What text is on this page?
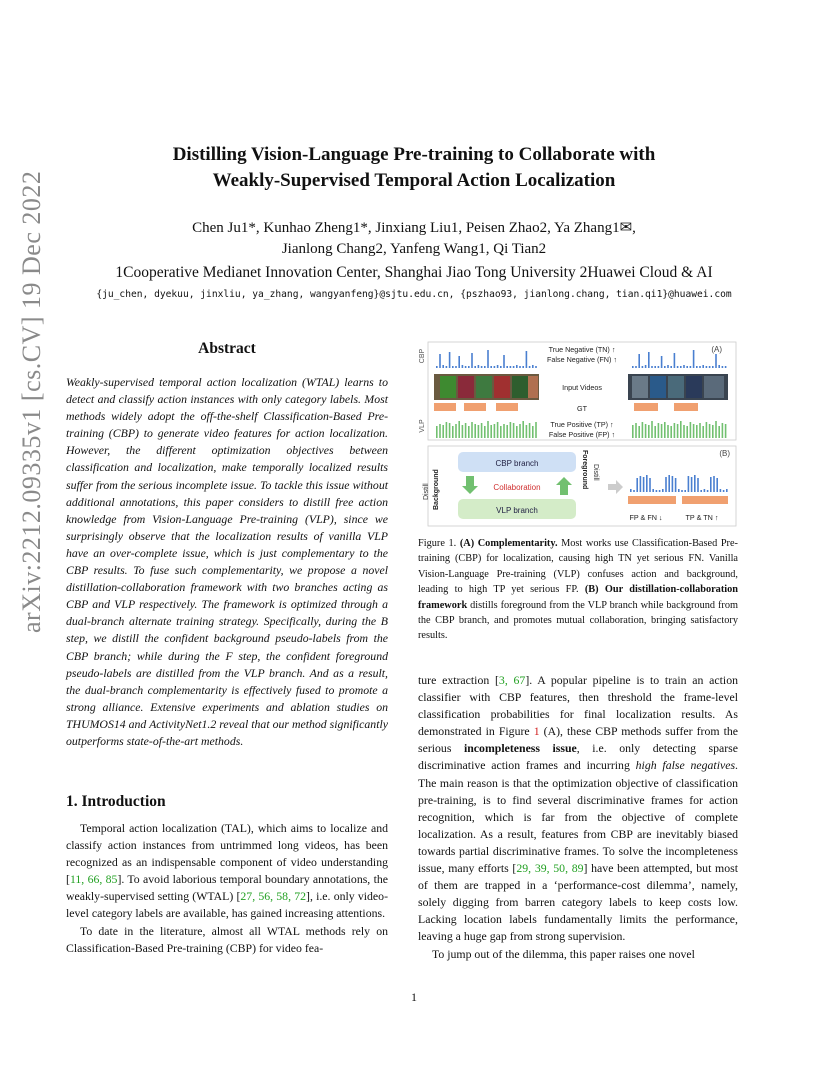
Distilling Vision-Language Pre-training to Collaborate with
Weakly-Supervised Temporal Action Localization
Chen Ju1*, Kunhao Zheng1*, Jinxiang Liu1, Peisen Zhao2, Ya Zhang1✉,
Jianlong Chang2, Yanfeng Wang1, Qi Tian2
1Cooperative Medianet Innovation Center, Shanghai Jiao Tong University 2Huawei Cloud & AI
{ju_chen, dyekuu, jinxliu, ya_zhang, wangyanfeng}@sjtu.edu.cn, {pszhao93, jianlong.chang, tian.qi1}@huawei.com
arXiv:2212.09335v1 [cs.CV] 19 Dec 2022	Abstract
Weakly-supervised temporal action localization (WTAL) learns to detect and classify action instances with only category labels. Most methods widely adopt the off-the-shelf Classification-Based Pre-training (CBP) to generate video features for action localization. However, the different optimization objectives between classification and localization, make temporally localized results suffer from the serious incomplete issue. To tackle this issue without additional annotations, this paper considers to distill free action knowledge from Vision-Language Pre-training (VLP), since we surprisingly observe that the localization results of vanilla VLP have an over-complete issue, which is just complementary to the CBP results. To fuse such complementarity, we propose a novel distillation-collaboration framework with two branches acting as CBP and VLP respectively. The framework is optimized through a dual-branch alternate training strategy. Specifically, during the B step, we distill the confident background pseudo-labels from the CBP branch; while during the F step, the confident foreground pseudo-labels are distilled from the VLP branch. And as a result, the dual-branch complementarity is effectively fused to promote a strong alliance. Extensive experiments and ablation studies on THUMOS14 and ActivityNet1.2 reveal that our method significantly outperforms state-of-the-art methods.
1. Introduction

Temporal action localization (TAL), which aims to localize and classify action instances from untrimmed long videos, has been recognized as an indispensable component of video understanding [11, 66, 85]. To avoid laborious temporal boundary annotations, the weakly-supervised setting (WTAL) [27, 56, 58, 72], i.e. only video-level category labels are available, has gained increasing attentions.

To date in the literature, almost all WTAL methods rely on Classification-Based Pre-training (CBP) for video fea-

(A)
CBP
VLP
True Negative (TN) ↑
False Negative (FN) ↑
Input Videos
GT
True Positive (TP) ↑
False Positive (FP) ↑
(B)
Distill Background
CBP branch
VLP branch
Collaboration	Foreground Distill
FP & FN ↓	TP & TN ↑
Figure 1. (A) Complementarity. Most works use Classification-Based Pre-training (CBP) for localization, causing high TN yet serious FN. Vanilla Vision-Language Pre-training (VLP) confuses action and background, leading to high TP yet serious FP. (B) Our distillation-collaboration framework distills foreground from the VLP branch while background from the CBP branch, and promotes mutual collaboration, bringing satisfactory results.

ture extraction [3, 67]. A popular pipeline is to train an action classifier with CBP features, then threshold the frame-level classification probabilities for final localization results. As demonstrated in Figure 1 (A), these CBP methods suffer from the serious incompleteness issue, i.e. only detecting sparse discriminative action frames and incurring high false negatives. The main reason is that the optimization objective of classification pre-training, is to find several discriminative frames for action recognition, which is far from the objective of complete localization. As a result, features from CBP are inevitably biased towards partial discriminative frames. To solve the incompleteness issue, many efforts [29, 39, 50, 89] have been attempted, but most of them are trapped in a ‘performance-cost dilemma’, namely, solely digging from barren category labels to keep costs low. Lacking location labels fundamentally limits the performance, leaving a huge gap from strong supervision.

To jump out of the dilemma, this paper raises one novel

1
